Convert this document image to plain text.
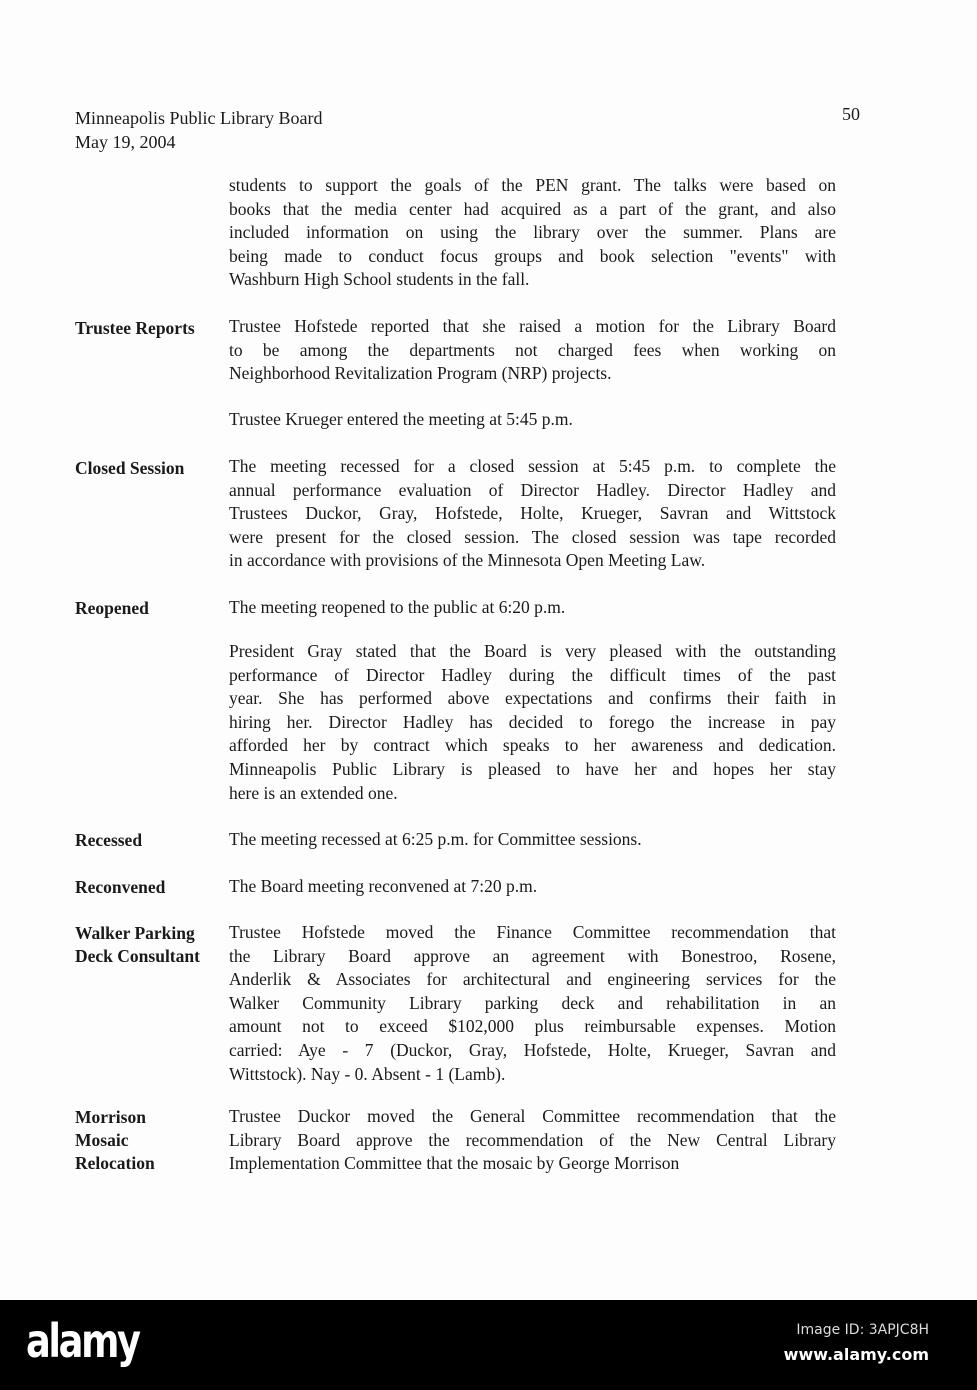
Minneapolis Public Library Board
May 19, 2004
50
students to support the goals of the PEN grant. The talks were based on
books that the media center had acquired as a part of the grant, and also
included information on using the library over the summer. Plans are
being made to conduct focus groups and book selection "events" with
Washburn High School students in the fall.
Trustee Reports	Trustee Hofstede reported that she raised a motion for the Library Board
to be among the departments not charged fees when working on
Neighborhood Revitalization Program (NRP) projects.
Trustee Krueger entered the meeting at 5:45 p.m.
Closed Session	The meeting recessed for a closed session at 5:45 p.m. to complete the
annual performance evaluation of Director Hadley. Director Hadley and
Trustees Duckor, Gray, Hofstede, Holte, Krueger, Savran and Wittstock
were present for the closed session. The closed session was tape recorded
in accordance with provisions of the Minnesota Open Meeting Law.
Reopened	The meeting reopened to the public at 6:20 p.m.
President Gray stated that the Board is very pleased with the outstanding
performance of Director Hadley during the difficult times of the past
year. She has performed above expectations and confirms their faith in
hiring her. Director Hadley has decided to forego the increase in pay
afforded her by contract which speaks to her awareness and dedication.
Minneapolis Public Library is pleased to have her and hopes her stay
here is an extended one.
Recessed	The meeting recessed at 6:25 p.m. for Committee sessions.
Reconvened	The Board meeting reconvened at 7:20 p.m.
Walker Parking Deck Consultant
Trustee Hofstede moved the Finance Committee recommendation that
the Library Board approve an agreement with Bonestroo, Rosene,
Anderlik & Associates for architectural and engineering services for the
Walker Community Library parking deck and rehabilitation in an
amount not to exceed $102,000 plus reimbursable expenses. Motion
carried: Aye - 7 (Duckor, Gray, Hofstede, Holte, Krueger, Savran and
Wittstock). Nay - 0. Absent - 1 (Lamb).
Morrison Mosaic Relocation
Trustee Duckor moved the General Committee recommendation that the
Library Board approve the recommendation of the New Central Library
Implementation Committee that the mosaic by George Morrison
alamy	Image ID: 3APJC8H
www.alamy.com
